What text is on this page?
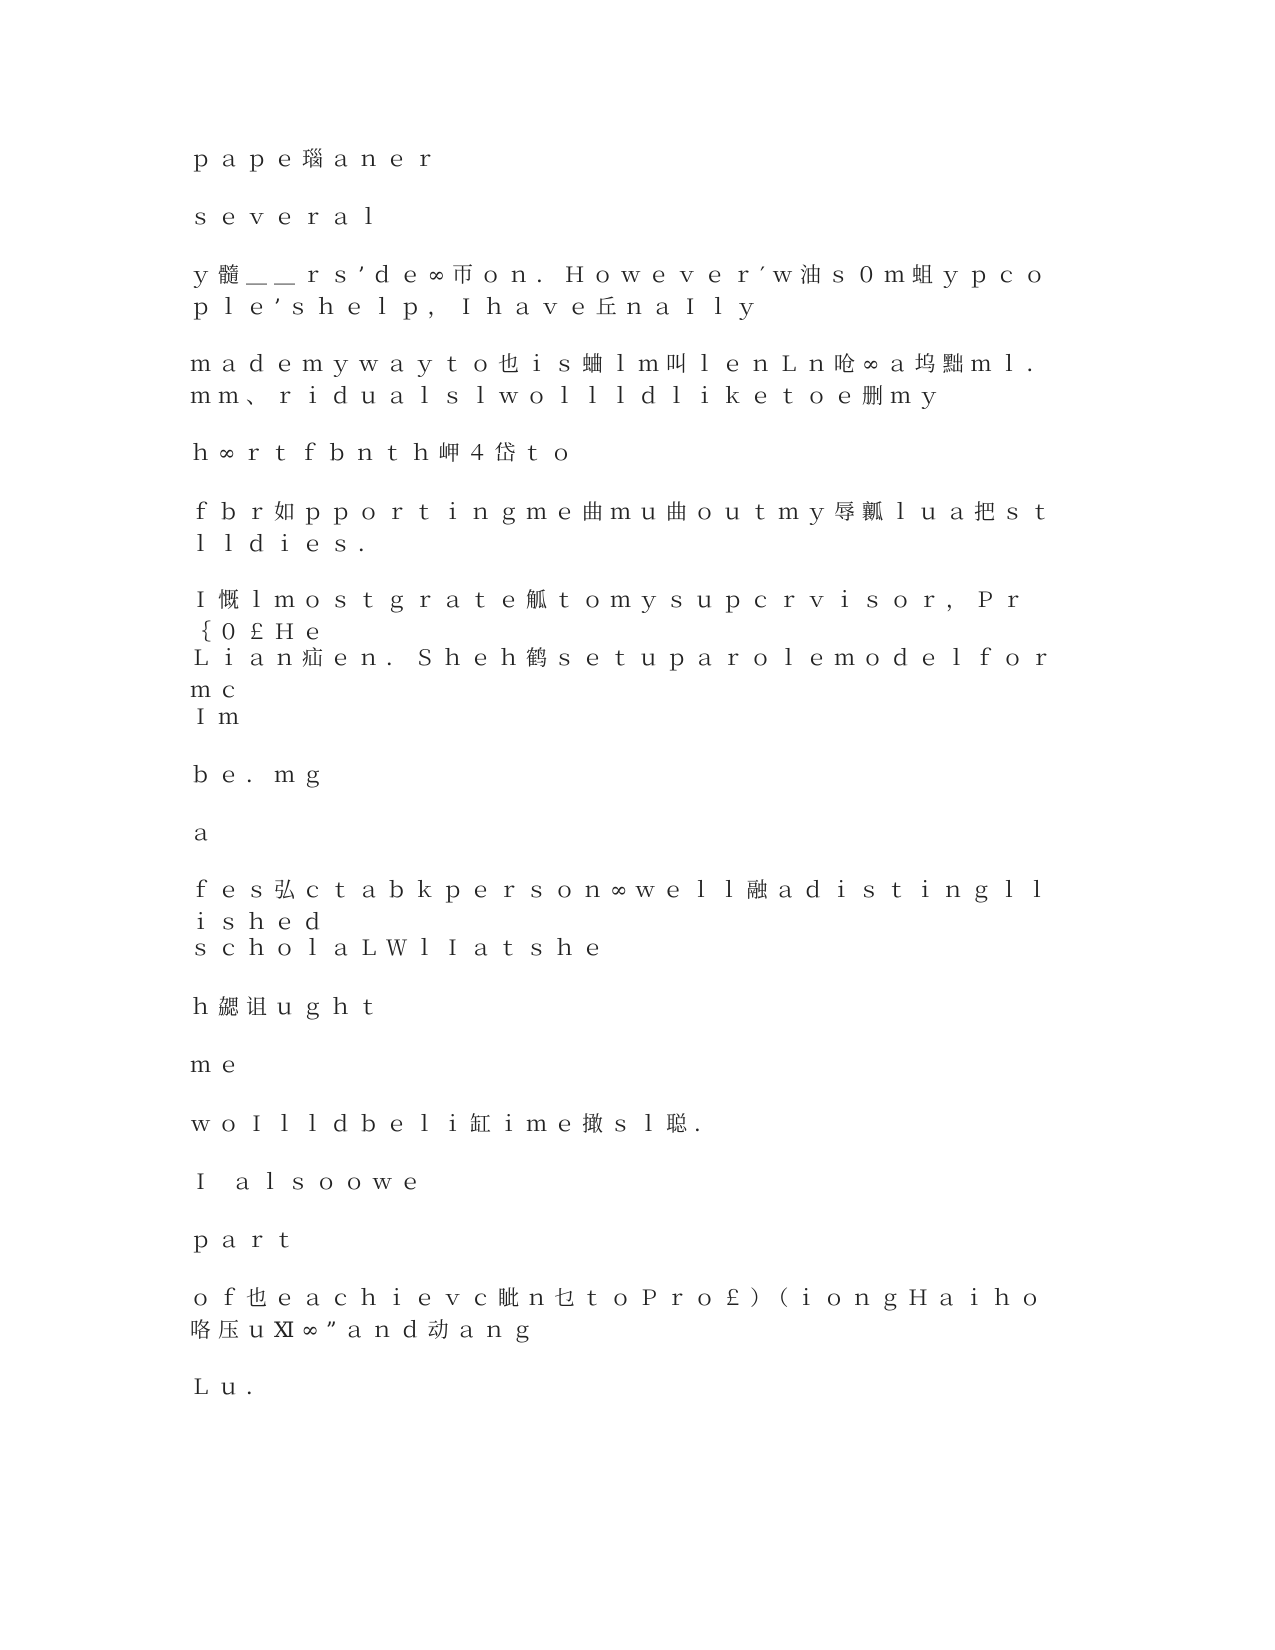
ｐａｐｅ瑙ａｎｅｒ
ｓｅｖｅｒａｌ
ｙ髓＿＿ｒｓ’ｄｅ∞帀ｏｎ．Ｈｏｗｅｖｅｒ′ｗ油ｓ０ｍ蛆ｙｐｃｏｐｌｅ’ｓｈｅｌｐ，Ｉｈａｖｅ丘ｎａＩｌｙ
ｍａｄｅｍｙｗａｙｔｏ也ｉｓ蛐ｌｍ叫ｌｅｎＬｎ呛∞ａ坞黜ｍｌ．ｍｍ、ｒｉｄｕａｌｓｌｗｏｌｌｌｄｌｉｋｅｔｏｅ删ｍｙ
ｈ∞ｒｔｆｂｎｔｈ岬４岱ｔｏ
ｆｂｒ如ｐｐｏｒｔｉｎｇｍｅ曲ｍｕ曲ｏｕｔｍｙ辱瓤ｌｕａ把ｓｔｌｌｄｉｅｓ．
Ｉ慨ｌｍｏｓｔｇｒａｔｅ觚ｔｏｍｙｓｕｐｃｒｖｉｓｏｒ，Ｐｒ｛０￡Ｈｅ
Ｌｉａｎ疝ｅｎ．Ｓｈｅｈ鹤ｓｅｔｕｐａｒｏｌｅｍｏｄｅｌｆｏｒｍｃ
Ｉｍ
ｂｅ．ｍｇ
ａ
ｆｅｓ弘ｃｔａｂｋｐｅｒｓｏｎ∞ｗｅｌｌ融ａｄｉｓｔｉｎｇｌｌｉｓｈｅｄ
ｓｃｈｏｌａＬＷｌＩａｔｓｈｅ
ｈ勰诅ｕｇｈｔ
ｍｅ
ｗｏＩｌｌｄｂｅｌｉ缸ｉｍｅ撖ｓｌ聪.
Ｉ ａｌｓｏｏｗｅ
ｐａｒｔ
ｏｆ也ｅａｃｈｉｅｖｃ眦ｎ乜ｔｏＰｒｏ￡）（ｉｏｎｇＨａｉｈｏ咯压ｕⅪ∞”ａｎｄ动ａｎｇ
Ｌｕ．
